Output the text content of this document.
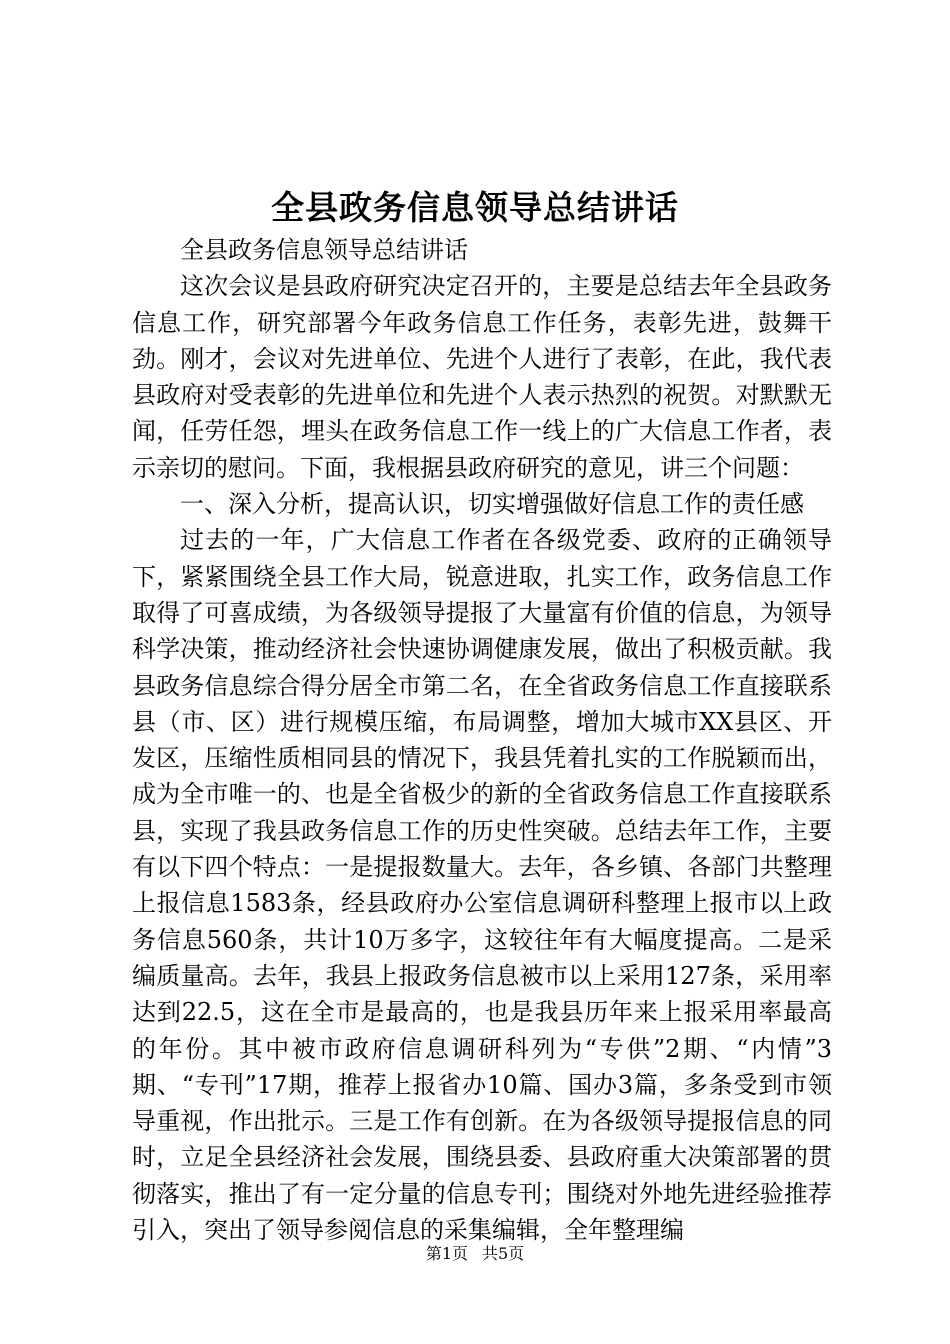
全县政务信息领导总结讲话

全县政务信息领导总结讲话

这次会议是县政府研究决定召开的，主要是总结去年全县政务信息工作，研究部署今年政务信息工作任务，表彰先进，鼓舞干劲。刚才，会议对先进单位、先进个人进行了表彰，在此，我代表县政府对受表彰的先进单位和先进个人表示热烈的祝贺。对默默无闻，任劳任怨，埋头在政务信息工作一线上的广大信息工作者，表示亲切的慰问。下面，我根据县政府研究的意见，讲三个问题：

一、深入分析，提高认识，切实增强做好信息工作的责任感

过去的一年，广大信息工作者在各级党委、政府的正确领导下，紧紧围绕全县工作大局，锐意进取，扎实工作，政务信息工作取得了可喜成绩，为各级领导提报了大量富有价值的信息，为领导科学决策，推动经济社会快速协调健康发展，做出了积极贡献。我县政务信息综合得分居全市第二名，在全省政务信息工作直接联系县（市、区）进行规模压缩，布局调整，增加大城市XX县区、开发区，压缩性质相同县的情况下，我县凭着扎实的工作脱颖而出，成为全市唯一的、也是全省极少的新的全省政务信息工作直接联系县，实现了我县政务信息工作的历史性突破。总结去年工作，主要有以下四个特点：一是提报数量大。去年，各乡镇、各部门共整理上报信息1583条，经县政府办公室信息调研科整理上报市以上政务信息560条，共计10万多字，这较往年有大幅度提高。二是采编质量高。去年，我县上报政务信息被市以上采用127条，采用率达到22.5，这在全市是最高的，也是我县历年来上报采用率最高的年份。其中被市政府信息调研科列为“专供”2期、“内情”3期、“专刊”17期，推荐上报省办10篇、国办3篇，多条受到市领导重视，作出批示。三是工作有创新。在为各级领导提报信息的同时，立足全县经济社会发展，围绕县委、县政府重大决策部署的贯彻落实，推出了有一定分量的信息专刊；围绕对外地先进经验推荐引入，突出了领导参阅信息的采集编辑，全年整理编

第1页 共5页
